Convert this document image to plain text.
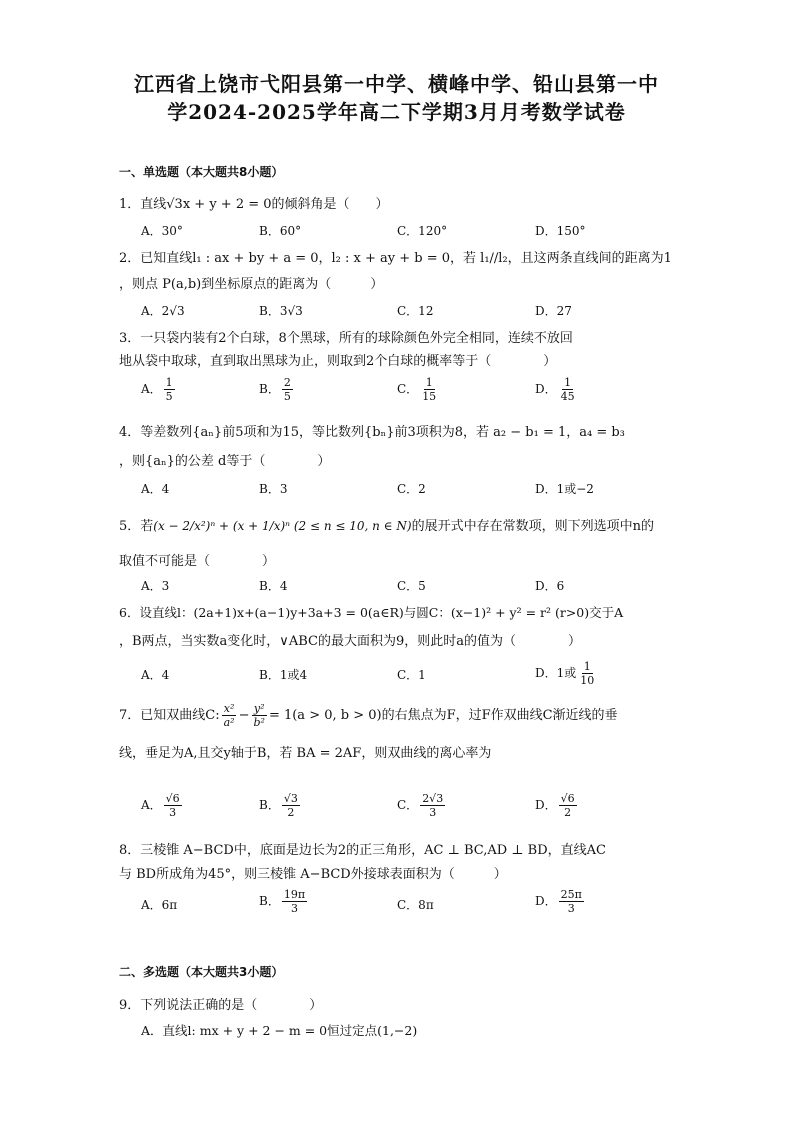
江西省上饶市弋阳县第一中学、横峰中学、铅山县第一中
学2024-2025学年高二下学期3月月考数学试卷
一、单选题（本大题共8小题）
1．直线√3x + y + 2 = 0的倾斜角是（　　）
A．30°	B．60°	C．120°	D．150°
2．已知直线l₁ : ax + by + a = 0，l₂ : x + ay + b = 0，若 l₁//l₂，且这两条直线间的距离为1
，则点 P(a,b)到坐标原点的距离为（　　　）
A．2√3	B．3√3	C．12	D．27
3．一只袋内装有2个白球，8个黑球，所有的球除颜色外完全相同，连续不放回
地从袋中取球，直到取出黑球为止，则取到2个白球的概率等于（　　　　）
A． $\frac{1}{5}$	B． $\frac{2}{5}$	C． $\frac{1}{15}$	D． $\frac{1}{45}$
4．等差数列{aₙ}前5项和为15，等比数列{bₙ}前3项积为8，若 a₂ − b₁ = 1，a₄ = b₃
，则{aₙ}的公差 d等于（　　　　）
A．4	B．3	C．2	D．1或−2
5．若(x − 2/x²)ⁿ + (x + 1/x)ⁿ (2 ≤ n ≤ 10, n ∈ N)的展开式中存在常数项，则下列选项中n的
取值不可能是（　　　　）
A．3	B．4	C．5	D．6
6．设直线l：(2a+1)x+(a−1)y+3a+3 = 0(a∈R)与圆C：(x−1)² + y² = r² (r>0)交于A
，B两点，当实数a变化时，∨ABC的最大面积为9，则此时a的值为（　　　　）
A．4	B．1或4	C．1	D．1或 $\frac{1}{10}$
7．已知双曲线C: $\frac{\text{x²}}{\text{a²}} - \frac{\text{y²}}{\text{b²}} = 1(a > 0$, b > 0)的右焦点为F，过F作双曲线C渐近线的垂
线，垂足为A,且交y轴于B，若 BA = 2AF，则双曲线的离心率为
A． $\frac{√6}{3}$	B． $\frac{√3}{2}$	C． $\frac{2√3}{3}$	D． $\frac{√6}{2}$
8．三棱锥 A−BCD中，底面是边长为2的正三角形，AC ⊥ BC,AD ⊥ BD，直线AC
与 BD所成角为45°，则三棱锥 A−BCD外接球表面积为（　　　）
A．6π	B． $\frac{19\pi}{3}$	C．8π	D． $\frac{25\pi}{3}$
二、多选题（本大题共3小题）
9．下列说法正确的是（　　　　）
A．直线l: mx + y + 2 − m = 0恒过定点(1,−2)
